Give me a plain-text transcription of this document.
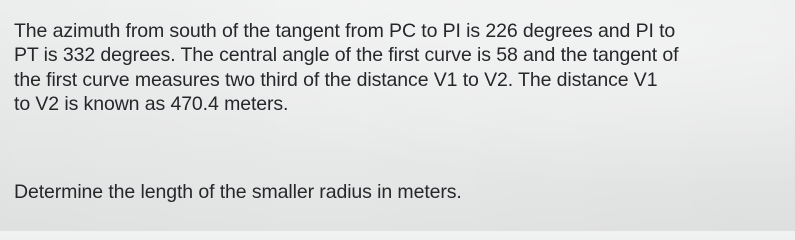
The azimuth from south of the tangent from PC to PI is 226 degrees and PI to
PT is 332 degrees. The central angle of the first curve is 58 and the tangent of
the first curve measures two third of the distance V1 to V2. The distance V1
to V2 is known as 470.4 meters.

Determine the length of the smaller radius in meters.
